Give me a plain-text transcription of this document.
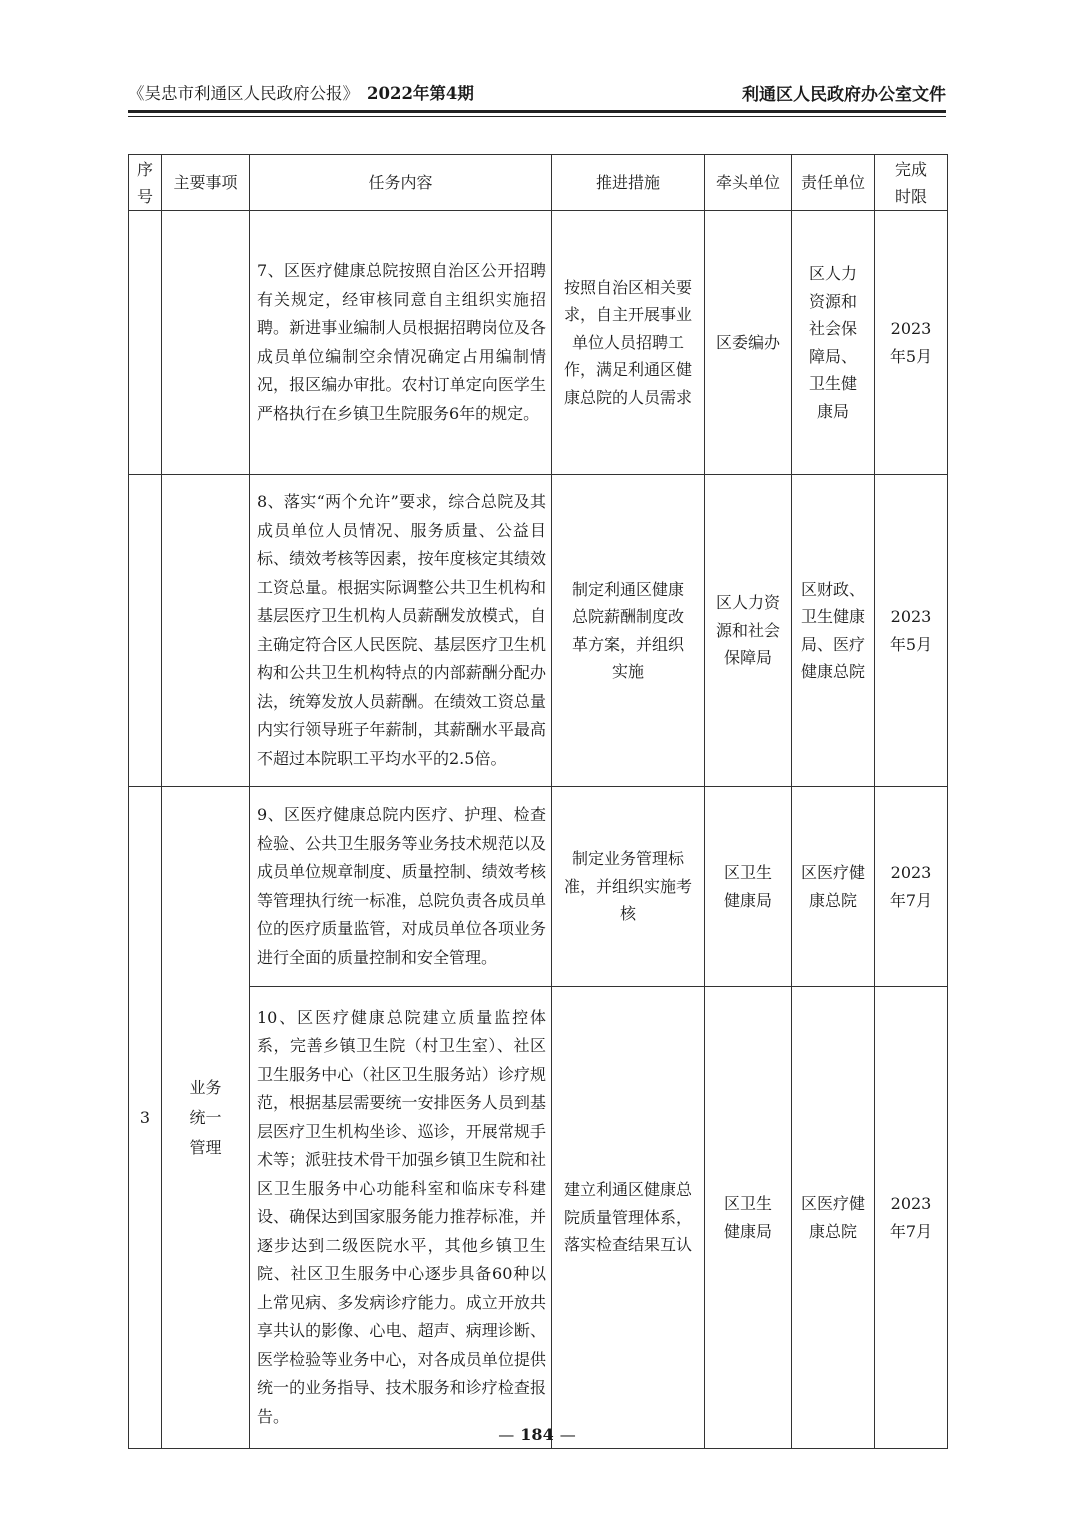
《吴忠市利通区人民政府公报》 2022年第4期	利通区人民政府办公室文件
序号	主要事项	任务内容	推进措施	牵头单位	责任单位	完成时限
		7、区医疗健康总院按照自治区公开招聘有关规定，经审核同意自主组织实施招聘。新进事业编制人员根据招聘岗位及各成员单位编制空余情况确定占用编制情况，报区编办审批。农村订单定向医学生严格执行在乡镇卫生院服务6年的规定。	按照自治区相关要求，自主开展事业单位人员招聘工作，满足利通区健康总院的人员需求	区委编办	区人力资源和社会保障局、卫生健康局	2023年5月
		8、落实“两个允许”要求，综合总院及其成员单位人员情况、服务质量、公益目标、绩效考核等因素，按年度核定其绩效工资总量。根据实际调整公共卫生机构和基层医疗卫生机构人员薪酬发放模式，自主确定符合区人民医院、基层医疗卫生机构和公共卫生机构特点的内部薪酬分配办法，统筹发放人员薪酬。在绩效工资总量内实行领导班子年薪制，其薪酬水平最高不超过本院职工平均水平的2.5倍。	制定利通区健康总院薪酬制度改革方案，并组织实施	区人力资源和社会保障局	区财政、卫生健康局、医疗健康总院	2023年5月
3	业务统一管理	9、区医疗健康总院内医疗、护理、检查检验、公共卫生服务等业务技术规范以及成员单位规章制度、质量控制、绩效考核等管理执行统一标准，总院负责各成员单位的医疗质量监管，对成员单位各项业务进行全面的质量控制和安全管理。	制定业务管理标准，并组织实施考核	区卫生健康局	区医疗健康总院	2023年7月
		10、区医疗健康总院建立质量监控体系，完善乡镇卫生院（村卫生室）、社区卫生服务中心（社区卫生服务站）诊疗规范，根据基层需要统一安排医务人员到基层医疗卫生机构坐诊、巡诊，开展常规手术等；派驻技术骨干加强乡镇卫生院和社区卫生服务中心功能科室和临床专科建设、确保达到国家服务能力推荐标准，并逐步达到二级医院水平，其他乡镇卫生院、社区卫生服务中心逐步具备60种以上常见病、多发病诊疗能力。成立开放共享共认的影像、心电、超声、病理诊断、医学检验等业务中心，对各成员单位提供统一的业务指导、技术服务和诊疗检查报告。	建立利通区健康总院质量管理体系，落实检查结果互认	区卫生健康局	区医疗健康总院	2023年7月
— 184 —
